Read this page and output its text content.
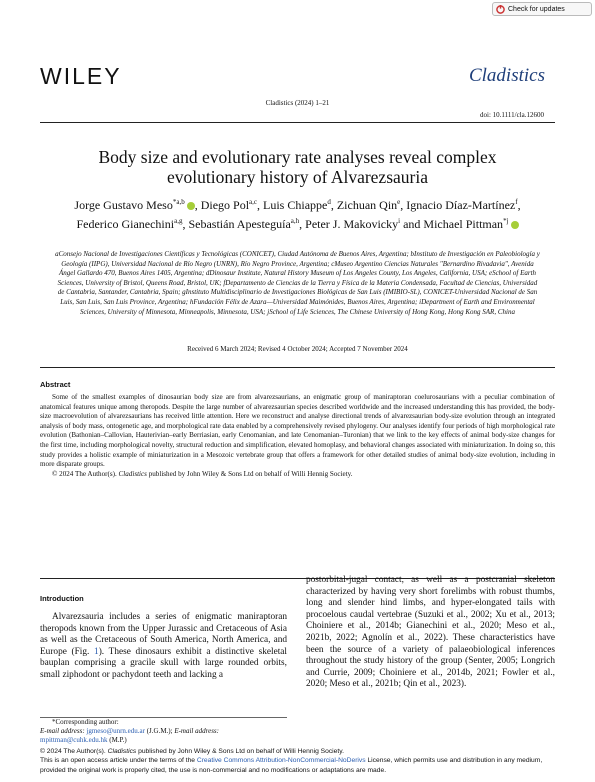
Check for updates
WILEY	Cladistics
Cladistics (2024) 1–21
doi: 10.1111/cla.12600
Body size and evolutionary rate analyses reveal complex
evolutionary history of Alvarezsauria
Jorge Gustavo Meso$^{*a,b}$ , Diego Pol$^{a,c}$, Luis Chiappe$^d$, Zichuan Qin$^e$, Ignacio Díaz-Martínez$^f$, Federico Gianechini$^{a,g}$, Sebastián Apesteguía$^{a,h}$, Peter J. Makovicky$^i$ and Michael Pittman$^{*j}$
aConsejo Nacional de Investigaciones Científicas y Tecnológicas (CONICET), Ciudad Autónoma de Buenos Aires, Argentina; bInstituto de Investigación en Paleobiología y Geología (IIPG), Universidad Nacional de Río Negro (UNRN), Río Negro Province, Argentina; cMuseo Argentino Ciencias Naturales "Bernardino Rivadavia", Avenida Ángel Gallardo 470, Buenos Aires 1405, Argentina; dDinosaur Institute, Natural History Museum of Los Angeles County, Los Angeles, California, USA; eSchool of Earth Sciences, University of Bristol, Queens Road, Bristol, UK; fDepartamento de Ciencias de la Tierra y Física de la Materia Condensada, Facultad de Ciencias, Universidad de Cantabria, Santander, Cantabria, Spain; gInstituto Multidisciplinario de Investigaciones Biológicas de San Luis (IMIBIO-SL), CONICET-Universidad Nacional de San Luis, San Luis, San Luis Province, Argentina; hFundación Félix de Azara—Universidad Maimónides, Buenos Aires, Argentina; iDepartment of Earth and Environmental Sciences, University of Minnesota, Minneapolis, Minnesota, USA; jSchool of Life Sciences, The Chinese University of Hong Kong, Hong Kong SAR, China
Received 6 March 2024; Revised 4 October 2024; Accepted 7 November 2024
Abstract

Some of the smallest examples of dinosaurian body size are from alvarezsaurians, an enigmatic group of maniraptoran coelurosaurians with a peculiar combination of anatomical features unique among theropods. Despite the large number of alvarezsaurian species described worldwide and the increased understanding this has provided, the body-size macroevolution of alvarezsaurians has received little attention. Here we reconstruct and analyse directional trends of alvarezsaurian body-size evolution through an integrated analysis of body mass, ontogenetic age, and morphological rate data enabled by a comprehensively revised phylogeny. Our analyses identify four periods of high morphological rate evolution (Bathonian–Callovian, Hauterivian–early Berriasian, early Cenomanian, and late Cenomanian–Turonian) that we link to the key effects of animal body-size changes for the first time, including morphological novelty, structural reduction and simplification, elevated homoplasy, and behavioral changes associated with miniaturization. In doing so, this study provides a holistic example of miniaturization in a Mesozoic vertebrate group that offers a framework for other detailed studies of animal body-size evolution, including in more disparate groups.

© 2024 The Author(s). Cladistics published by John Wiley & Sons Ltd on behalf of Willi Hennig Society.

Introduction

Alvarezsauria includes a series of enigmatic maniraptoran theropods known from the Upper Jurassic and Cretaceous of Asia as well as the Cretaceous of South America, North America, and Europe (Fig. 1). These dinosaurs exhibit a distinctive skeletal bauplan comprising a gracile skull with large rounded orbits, small ziphodont or pachydont teeth and lacking a

postorbital-jugal contact, as well as a postcranial skeleton characterized by having very short forelimbs with robust thumbs, long and slender hind limbs, and hyper-elongated tails with procoelous caudal vertebrae (Suzuki et al., 2002; Xu et al., 2013; Choiniere et al., 2014b; Gianechini et al., 2020; Meso et al., 2021b, 2022; Agnolín et al., 2022). These characteristics have been the source of a variety of palaeobiological inferences throughout the study history of the group (Senter, 2005; Longrich and Currie, 2009; Choiniere et al., 2014b, 2021; Fowler et al., 2020; Meso et al., 2021b; Qin et al., 2023).

*Corresponding author:
E-mail address: jgmeso@unrn.edu.ar (J.G.M.); E-mail address:
mpittman@cuhk.edu.hk (M.P.)
© 2024 The Author(s). Cladistics published by John Wiley & Sons Ltd on behalf of Willi Hennig Society.
This is an open access article under the terms of the Creative Commons Attribution-NonCommercial-NoDerivs License, which permits use and distribution in any medium, provided the original work is properly cited, the use is non-commercial and no modifications or adaptations are made.
